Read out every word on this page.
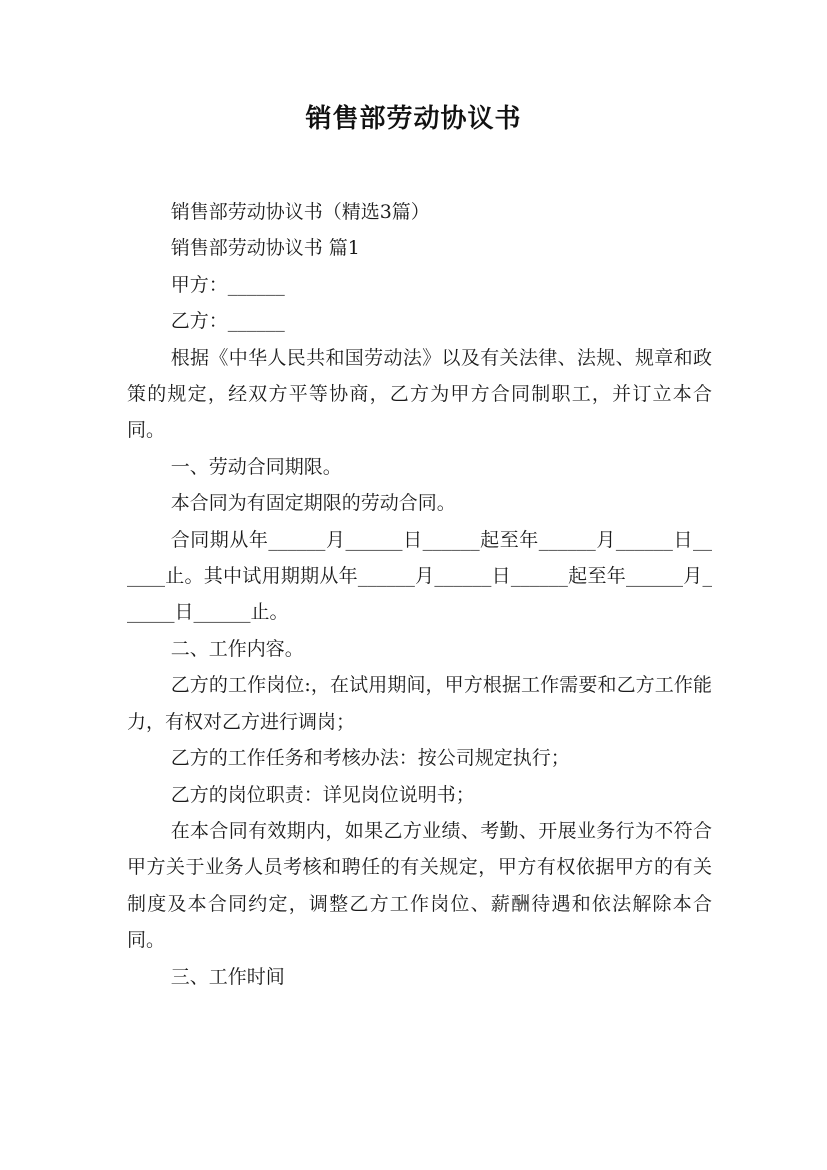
销售部劳动协议书

销售部劳动协议书（精选3篇）

销售部劳动协议书 篇1

甲方：______

乙方：______

根据《中华人民共和国劳动法》以及有关法律、法规、规章和政策的规定，经双方平等协商，乙方为甲方合同制职工，并订立本合同。

一、劳动合同期限。

本合同为有固定期限的劳动合同。

合同期从年______月______日______起至年______月______日______止。其中试用期期从年______月______日______起至年______月______日______止。

二、工作内容。

乙方的工作岗位:，在试用期间，甲方根据工作需要和乙方工作能力，有权对乙方进行调岗；

乙方的工作任务和考核办法：按公司规定执行；

乙方的岗位职责：详见岗位说明书；

在本合同有效期内，如果乙方业绩、考勤、开展业务行为不符合甲方关于业务人员考核和聘任的有关规定，甲方有权依据甲方的有关制度及本合同约定，调整乙方工作岗位、薪酬待遇和依法解除本合同。

三、工作时间
